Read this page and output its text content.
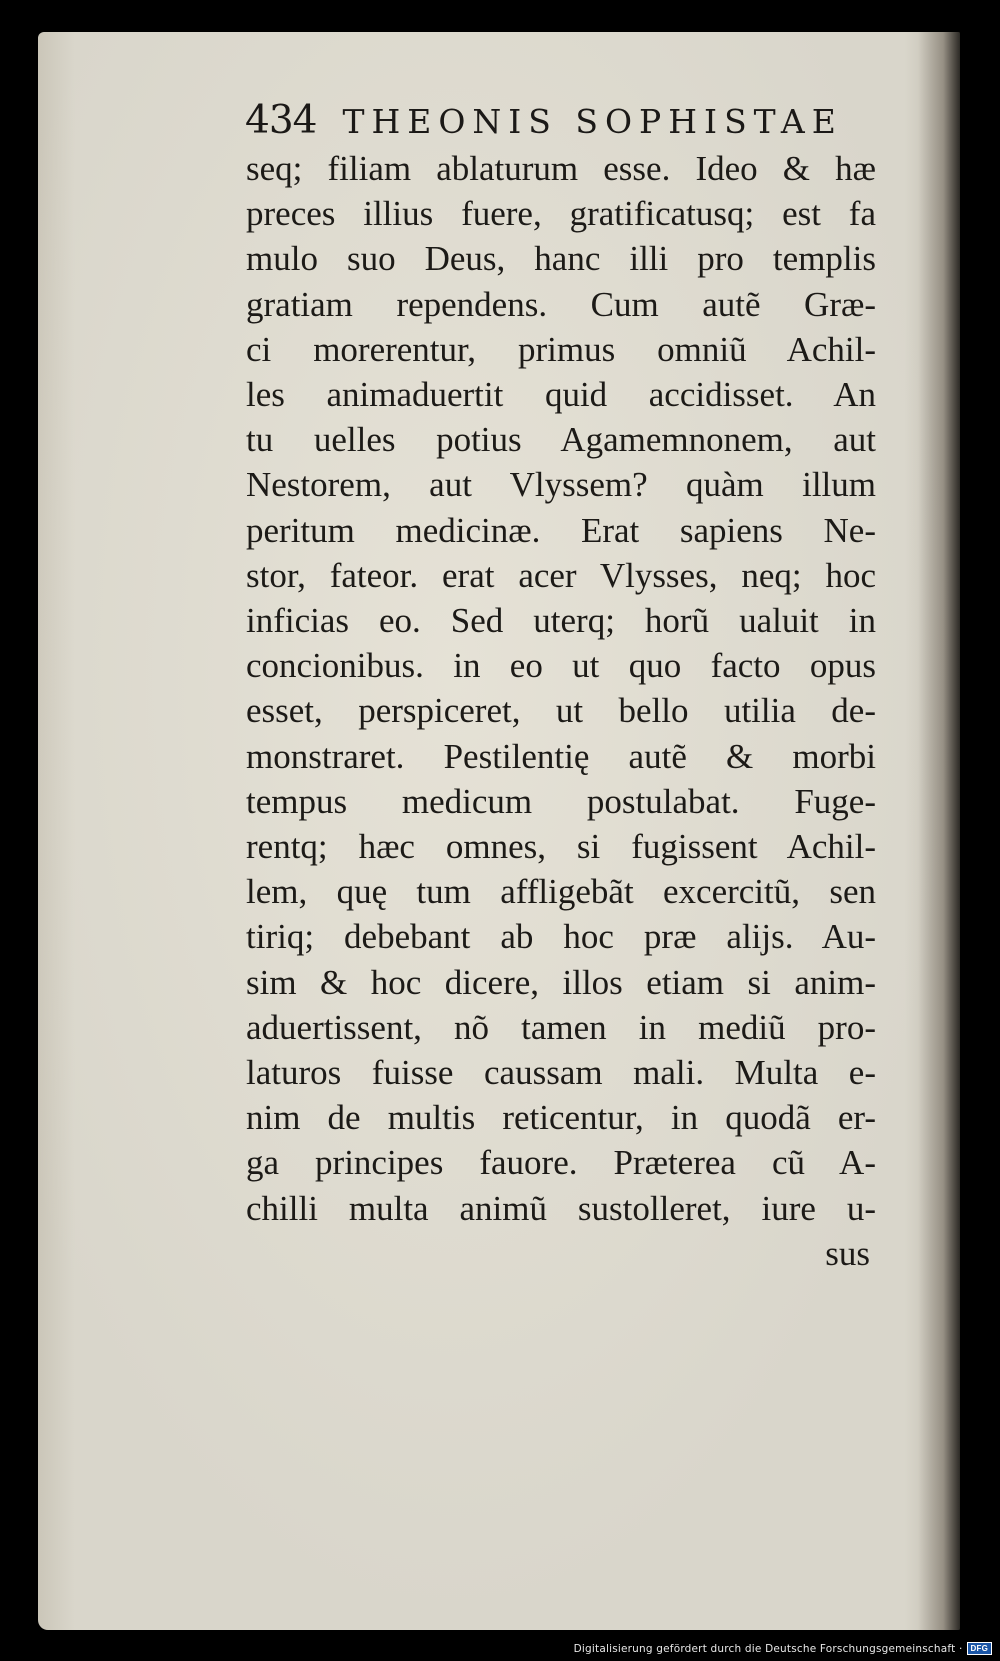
434 THEONIS SOPHISTAE
seq; filiam ablaturum esse. Ideo & hæ
preces illius fuere, gratificatusq; est fa
mulo suo Deus, hanc illi pro templis
gratiam rependens. Cum autẽ Græ-
ci morerentur, primus omniũ Achil-
les animaduertit quid accidisset. An
tu uelles potius Agamemnonem, aut
Nestorem, aut Vlyssem? quàm illum
peritum medicinæ. Erat sapiens Ne-
stor, fateor. erat acer Vlysses, neq; hoc
inficias eo. Sed uterq; horũ ualuit in
concionibus. in eo ut quo facto opus
esset, perspiceret, ut bello utilia de-
monstraret. Pestilentię autẽ & morbi
tempus medicum postulabat. Fuge-
rentq; hæc omnes, si fugissent Achil-
lem, quę tum affligebãt excercitũ, sen
tiriq; debebant ab hoc præ alijs. Au-
sim & hoc dicere, illos etiam si anim-
aduertissent, nõ tamen in mediũ pro-
laturos fuisse caussam mali. Multa e-
nim de multis reticentur, in quodã er-
ga principes fauore. Præterea cũ A-
chilli multa animũ sustolleret, iure u-
sus
Digitalisierung gefördert durch die Deutsche Forschungsgemeinschaft ·	DFG
